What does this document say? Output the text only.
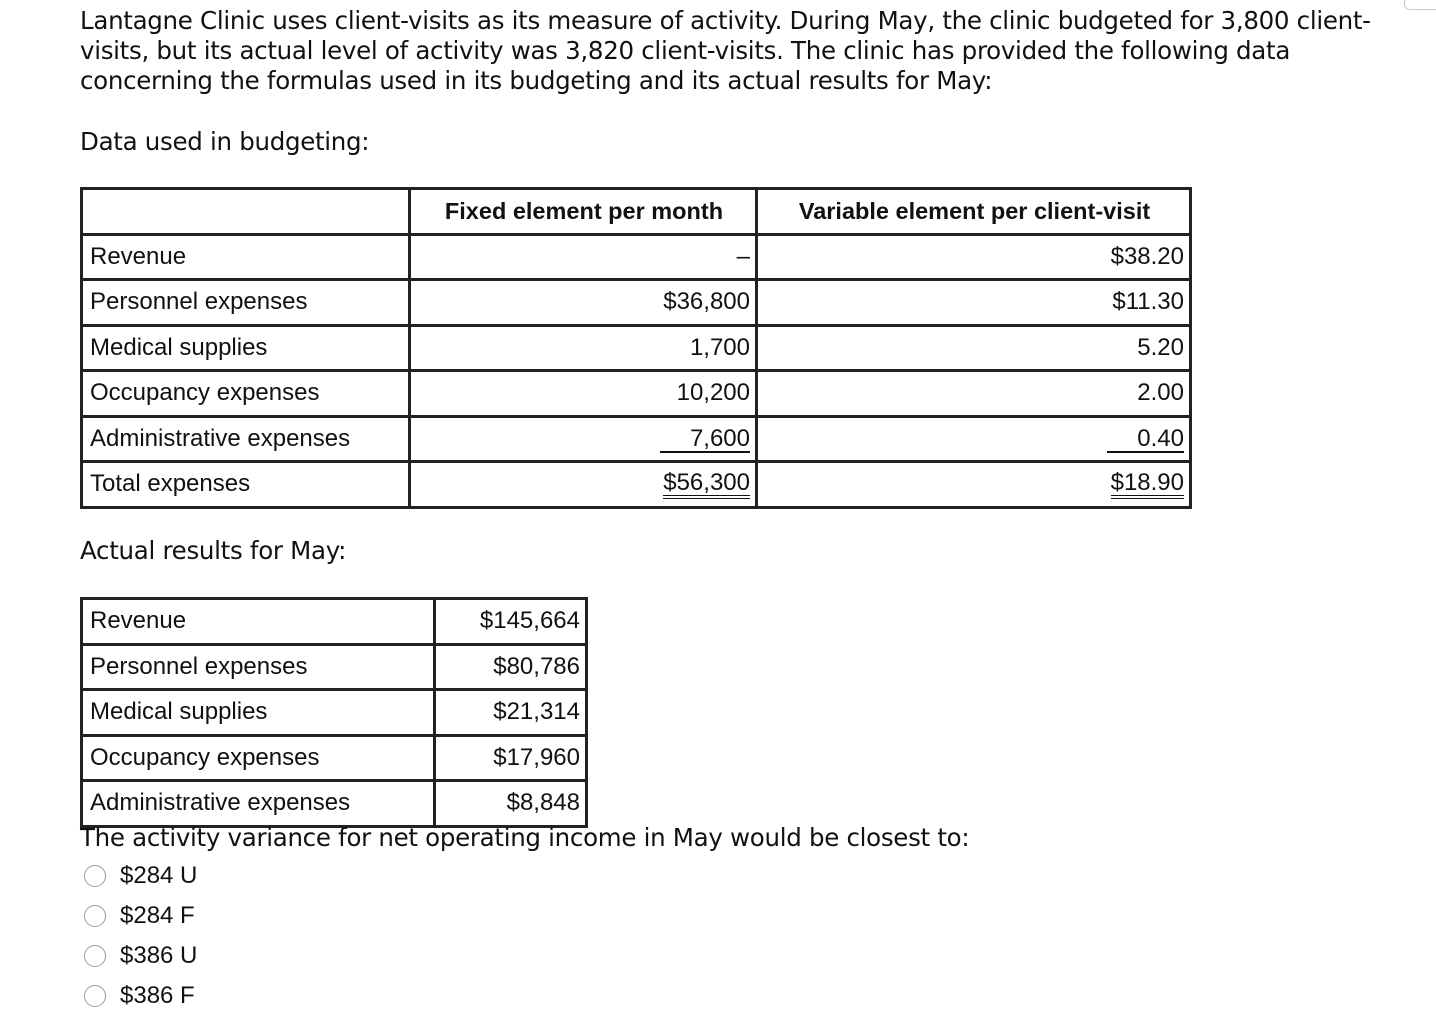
Lantagne Clinic uses client-visits as its measure of activity. During May, the clinic budgeted for 3,800 client-visits, but its actual level of activity was 3,820 client-visits. The clinic has provided the following data concerning the formulas used in its budgeting and its actual results for May:
Data used in budgeting:
	Fixed element per month	Variable element per client-visit
Revenue	–	$38.20
Personnel expenses	$36,800	$11.30
Medical supplies	1,700	5.20
Occupancy expenses	10,200	2.00
Administrative expenses	7,600	0.40
Total expenses	$56,300	$18.90
Actual results for May:
Revenue	$145,664
Personnel expenses	$80,786
Medical supplies	$21,314
Occupancy expenses	$17,960
Administrative expenses	$8,848
The activity variance for net operating income in May would be closest to:
$284 U
$284 F
$386 U
$386 F
